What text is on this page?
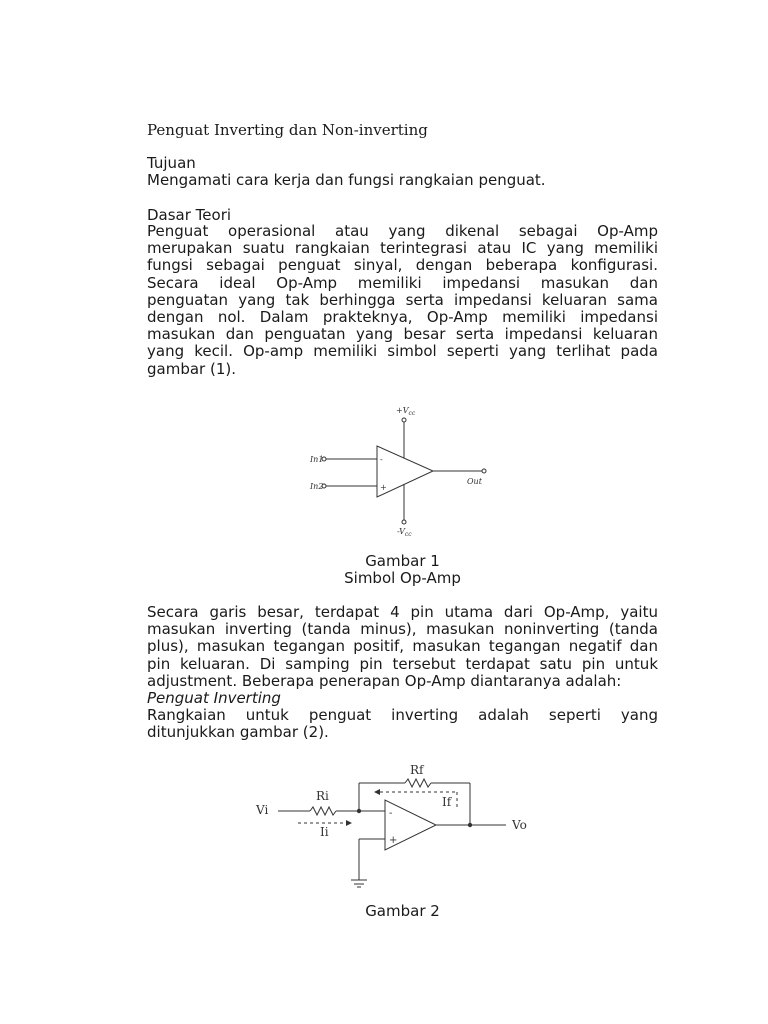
Penguat Inverting dan Non-inverting
Tujuan

Mengamati cara kerja dan fungsi rangkaian penguat.

Dasar Teori

Penguat operasional atau yang dikenal sebagai Op-Amp

merupakan suatu rangkaian terintegrasi atau IC yang memiliki

fungsi sebagai penguat sinyal, dengan beberapa konfigurasi.

Secara ideal Op-Amp memiliki impedansi masukan dan

penguatan yang tak berhingga serta impedansi keluaran sama

dengan nol. Dalam prakteknya, Op-Amp memiliki impedansi

masukan dan penguatan yang besar serta impedansi keluaran

yang kecil. Op-amp memiliki simbol seperti yang terlihat pada

gambar (1).

Gambar 1
Simbol Op-Amp

Secara garis besar, terdapat 4 pin utama dari Op-Amp, yaitu

masukan inverting (tanda minus), masukan noninverting (tanda

plus), masukan tegangan positif, masukan tegangan negatif dan

pin keluaran. Di samping pin tersebut terdapat satu pin untuk

adjustment. Beberapa penerapan Op-Amp diantaranya adalah:

Penguat Inverting

Rangkaian untuk penguat inverting adalah seperti yang

ditunjukkan gambar (2).

Gambar 2
$+V_{cc}$
$-V_{cc}$
In1
In2
Out
-
+
Rf
Ri
Vi
Ii
If
Vo
-
+
